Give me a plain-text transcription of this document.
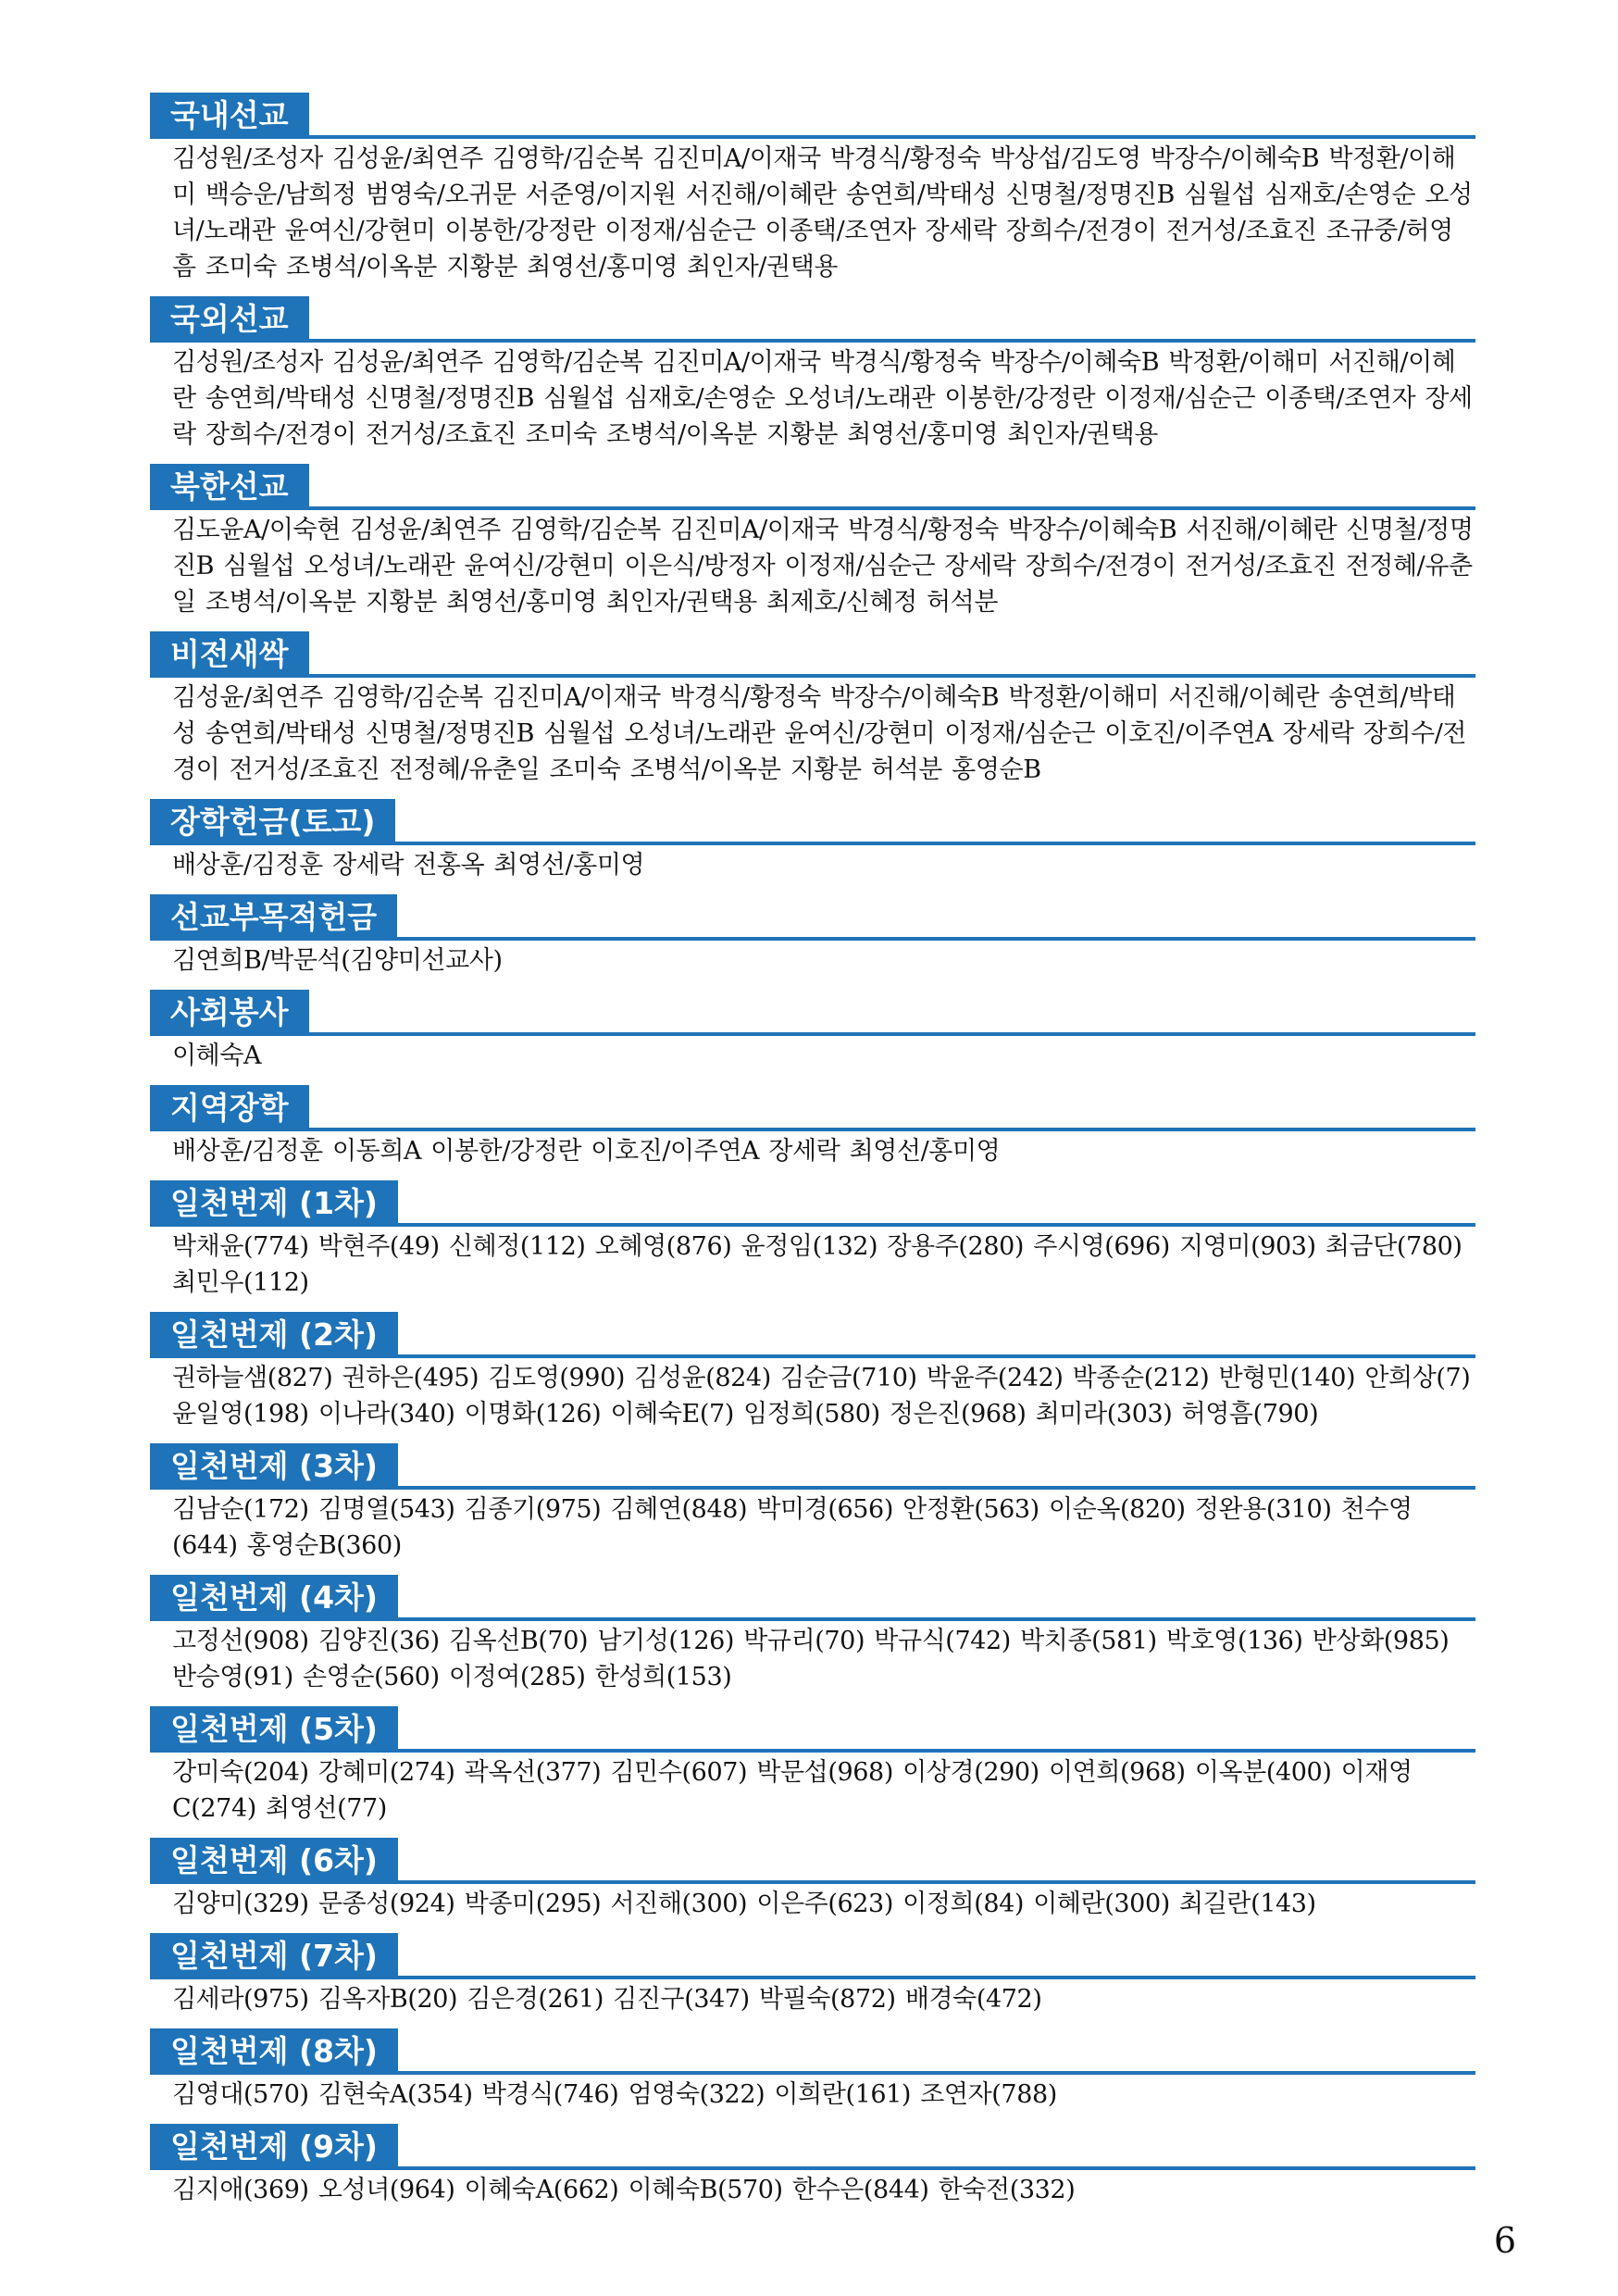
국내선교
김성원/조성자 김성윤/최연주 김영학/김순복 김진미A/이재국 박경식/황정숙 박상섭/김도영 박장수/이혜숙B 박정환/이해미 백승운/남희정 범영숙/오귀문 서준영/이지원 서진해/이혜란 송연희/박태성 신명철/정명진B 심월섭 심재호/손영순 오성녀/노래관 윤여신/강현미 이봉한/강정란 이정재/심순근 이종택/조연자 장세락 장희수/전경이 전거성/조효진 조규중/허영흠 조미숙 조병석/이옥분 지황분 최영선/홍미영 최인자/권택용
국외선교
김성원/조성자 김성윤/최연주 김영학/김순복 김진미A/이재국 박경식/황정숙 박장수/이혜숙B 박정환/이해미 서진해/이혜란 송연희/박태성 신명철/정명진B 심월섭 심재호/손영순 오성녀/노래관 이봉한/강정란 이정재/심순근 이종택/조연자 장세락 장희수/전경이 전거성/조효진 조미숙 조병석/이옥분 지황분 최영선/홍미영 최인자/권택용
북한선교
김도윤A/이숙현 김성윤/최연주 김영학/김순복 김진미A/이재국 박경식/황정숙 박장수/이혜숙B 서진해/이혜란 신명철/정명진B 심월섭 오성녀/노래관 윤여신/강현미 이은식/방정자 이정재/심순근 장세락 장희수/전경이 전거성/조효진 전정혜/유춘일 조병석/이옥분 지황분 최영선/홍미영 최인자/권택용 최제호/신혜정 허석분
비전새싹
김성윤/최연주 김영학/김순복 김진미A/이재국 박경식/황정숙 박장수/이혜숙B 박정환/이해미 서진해/이혜란 송연희/박태성 송연희/박태성 신명철/정명진B 심월섭 오성녀/노래관 윤여신/강현미 이정재/심순근 이호진/이주연A 장세락 장희수/전경이 전거성/조효진 전정혜/유춘일 조미숙 조병석/이옥분 지황분 허석분 홍영순B
장학헌금(토고)
배상훈/김정훈 장세락 전홍옥 최영선/홍미영
선교부목적헌금
김연희B/박문석(김양미선교사)
사회봉사
이혜숙A
지역장학
배상훈/김정훈 이동희A 이봉한/강정란 이호진/이주연A 장세락 최영선/홍미영
일천번제 (1차)
박채윤(774) 박현주(49) 신혜정(112) 오혜영(876) 윤정임(132) 장용주(280) 주시영(696) 지영미(903) 최금단(780) 최민우(112)
일천번제 (2차)
권하늘샘(827) 권하은(495) 김도영(990) 김성윤(824) 김순금(710) 박윤주(242) 박종순(212) 반형민(140) 안희상(7) 윤일영(198) 이나라(340) 이명화(126) 이혜숙E(7) 임정희(580) 정은진(968) 최미라(303) 허영흠(790)
일천번제 (3차)
김남순(172) 김명열(543) 김종기(975) 김혜연(848) 박미경(656) 안정환(563) 이순옥(820) 정완용(310) 천수영(644) 홍영순B(360)
일천번제 (4차)
고정선(908) 김양진(36) 김옥선B(70) 남기성(126) 박규리(70) 박규식(742) 박치종(581) 박호영(136) 반상화(985) 반승영(91) 손영순(560) 이정여(285) 한성희(153)
일천번제 (5차)
강미숙(204) 강혜미(274) 곽옥선(377) 김민수(607) 박문섭(968) 이상경(290) 이연희(968) 이옥분(400) 이재영C(274) 최영선(77)
일천번제 (6차)
김양미(329) 문종성(924) 박종미(295) 서진해(300) 이은주(623) 이정희(84) 이혜란(300) 최길란(143)
일천번제 (7차)
김세라(975) 김옥자B(20) 김은경(261) 김진구(347) 박필숙(872) 배경숙(472)
일천번제 (8차)
김영대(570) 김현숙A(354) 박경식(746) 엄영숙(322) 이희란(161) 조연자(788)
일천번제 (9차)
김지애(369) 오성녀(964) 이혜숙A(662) 이혜숙B(570) 한수은(844) 한숙전(332)
6
